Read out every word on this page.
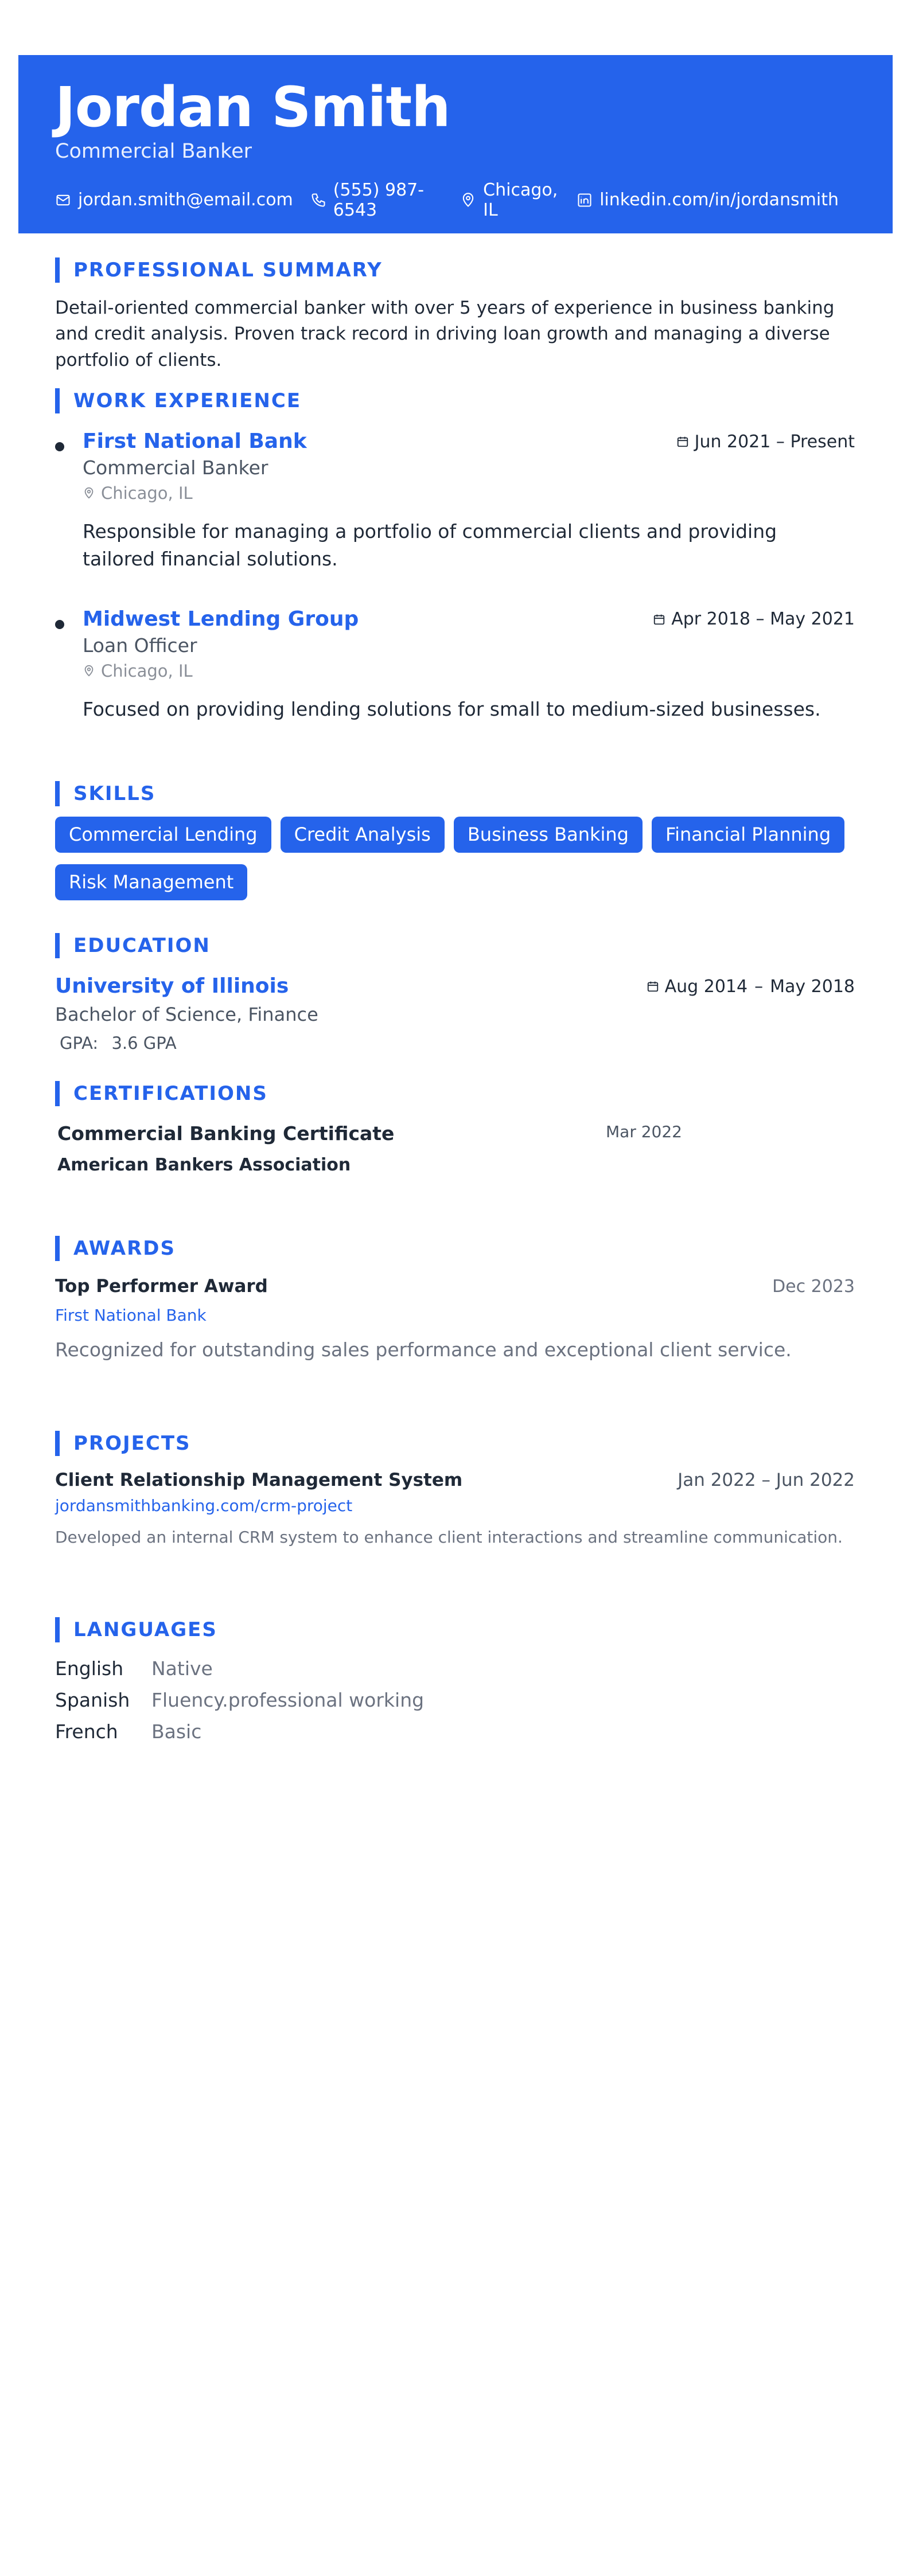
Jordan Smith
Commercial Banker
jordan.smith@email.com (555) 987-6543
Chicago, IL	linkedin.com/in/jordansmith
PROFESSIONAL SUMMARY
Detail-oriented commercial banker with over 5 years of experience in business banking and credit analysis. Proven track record in driving loan growth and managing a diverse portfolio of clients.
WORK EXPERIENCE
First National Bank	Jun 2021 – Present
Commercial Banker
Chicago, IL
Responsible for managing a portfolio of commercial clients and providing tailored financial solutions.
Midwest Lending Group	Apr 2018 – May 2021
Loan Officer
Chicago, IL
Focused on providing lending solutions for small to medium-sized businesses.
SKILLS
Commercial Lending	Credit Analysis	Business Banking	Financial Planning
Risk Management
EDUCATION
University of Illinois	Aug 2014 – May 2018
Bachelor of Science, Finance
GPA: 3.6 GPA
CERTIFICATIONS
Commercial Banking Certificate	Mar 2022
American Bankers Association
AWARDS
Top Performer Award	Dec 2023
First National Bank
Recognized for outstanding sales performance and exceptional client service.
PROJECTS
Client Relationship Management System	Jan 2022 – Jun 2022
jordansmithbanking.com/crm-project
Developed an internal CRM system to enhance client interactions and streamline communication.
LANGUAGES
English	Native
Spanish	Fluency.professional working
French	Basic
